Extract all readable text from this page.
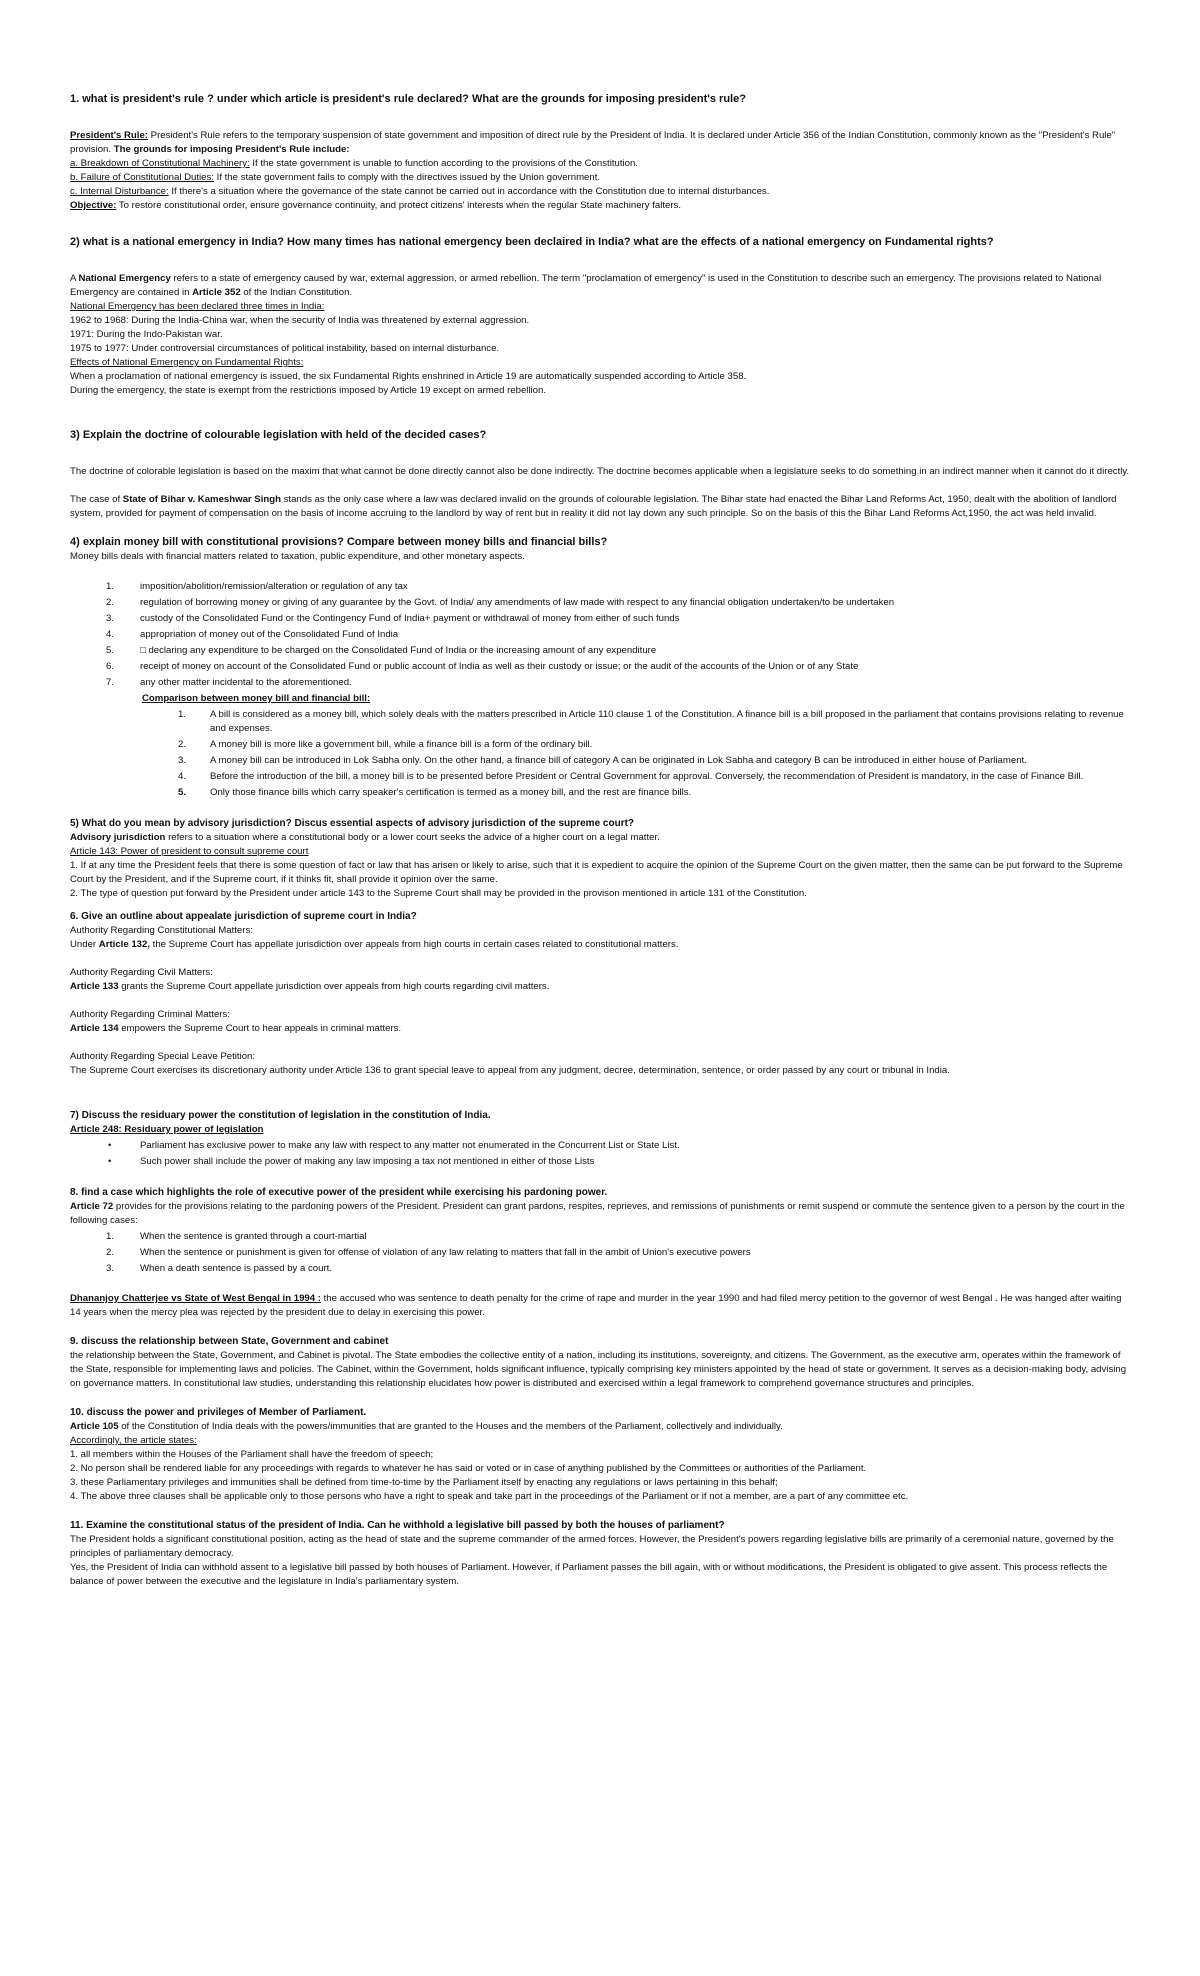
1. what is president's rule ? under which article is president's rule declared? What are the grounds for imposing president's rule?

President's Rule: President's Rule refers to the temporary suspension of state government and imposition of direct rule by the President of India. It is declared under Article 356 of the Indian Constitution, commonly known as the "President's Rule" provision. The grounds for imposing President's Rule include:

a. Breakdown of Constitutional Machinery: If the state government is unable to function according to the provisions of the Constitution.

b. Failure of Constitutional Duties: If the state government fails to comply with the directives issued by the Union government.

c. Internal Disturbance: If there's a situation where the governance of the state cannot be carried out in accordance with the Constitution due to internal disturbances.

Objective: To restore constitutional order, ensure governance continuity, and protect citizens' interests when the regular State machinery falters.

2) what is a national emergency in India? How many times has national emergency been declaired in India? what are the effects of a national emergency on Fundamental rights?

A National Emergency refers to a state of emergency caused by war, external aggression, or armed rebellion. The term "proclamation of emergency" is used in the Constitution to describe such an emergency. The provisions related to National Emergency are contained in Article 352 of the Indian Constitution.

National Emergency has been declared three times in India:

1962 to 1968: During the India-China war, when the security of India was threatened by external aggression.

1971: During the Indo-Pakistan war.

1975 to 1977: Under controversial circumstances of political instability, based on internal disturbance.

Effects of National Emergency on Fundamental Rights:

When a proclamation of national emergency is issued, the six Fundamental Rights enshrined in Article 19 are automatically suspended according to Article 358.

During the emergency, the state is exempt from the restrictions imposed by Article 19 except on armed rebellion.

3) Explain the doctrine of colourable legislation with held of the decided cases?

The doctrine of colorable legislation is based on the maxim that what cannot be done directly cannot also be done indirectly. The doctrine becomes applicable when a legislature seeks to do something in an indirect manner when it cannot do it directly.

The case of State of Bihar v. Kameshwar Singh stands as the only case where a law was declared invalid on the grounds of colourable legislation. The Bihar state had enacted the Bihar Land Reforms Act, 1950, dealt with the abolition of landlord system, provided for payment of compensation on the basis of income accruing to the landlord by way of rent but in reality it did not lay down any such principle. So on the basis of this the Bihar Land Reforms Act,1950, the act was held invalid.

4) explain money bill with constitutional provisions? Compare between money bills and financial bills?

Money bills deals with financial matters related to taxation, public expenditure, and other monetary aspects.

1.	imposition/abolition/remission/alteration or regulation of any tax
2.	regulation of borrowing money or giving of any guarantee by the Govt. of India/ any amendments of law made with respect to any financial obligation undertaken/to be undertaken
3.	custody of the Consolidated Fund or the Contingency Fund of India+ payment or withdrawal of money from either of such funds
4.	appropriation of money out of the Consolidated Fund of India
5.	□ declaring any expenditure to be charged on the Consolidated Fund of India or the increasing amount of any expenditure
6.	receipt of money on account of the Consolidated Fund or public account of India as well as their custody or issue; or the audit of the accounts of the Union or of any State
7.	any other matter incidental to the aforementioned.

Comparison between money bill and financial bill:

1. A bill is considered as a money bill, which solely deals with the matters prescribed in Article 110 clause 1 of the Constitution. A finance bill is a bill proposed in the parliament that contains provisions relating to revenue and expenses.
2. A money bill is more like a government bill, while a finance bill is a form of the ordinary bill.
3. A money bill can be introduced in Lok Sabha only. On the other hand, a finance bill of category A can be originated in Lok Sabha and category B can be introduced in either house of Parliament.
4. Before the introduction of the bill, a money bill is to be presented before President or Central Government for approval. Conversely, the recommendation of President is mandatory, in the case of Finance Bill.
5. Only those finance bills which carry speaker's certification is termed as a money bill, and the rest are finance bills.

5) What do you mean by advisory jurisdiction? Discus essential aspects of advisory jurisdiction of the supreme court?

Advisory jurisdiction refers to a situation where a constitutional body or a lower court seeks the advice of a higher court on a legal matter.

Article 143: Power of president to consult supreme court

1. If at any time the President feels that there is some question of fact or law that has arisen or likely to arise, such that it is expedient to acquire the opinion of the Supreme Court on the given matter, then the same can be put forward to the Supreme Court by the President, and if the Supreme court, if it thinks fit, shall provide it opinion over the same.

2. The type of question put forward by the President under article 143 to the Supreme Court shall may be provided in the provison mentioned in article 131 of the Constitution.

6. Give an outline about appealate jurisdiction of supreme court in India?

Authority Regarding Constitutional Matters:

Under Article 132, the Supreme Court has appellate jurisdiction over appeals from high courts in certain cases related to constitutional matters.

Authority Regarding Civil Matters:

Article 133 grants the Supreme Court appellate jurisdiction over appeals from high courts regarding civil matters.

Authority Regarding Criminal Matters:

Article 134 empowers the Supreme Court to hear appeals in criminal matters.

Authority Regarding Special Leave Petition:

The Supreme Court exercises its discretionary authority under Article 136 to grant special leave to appeal from any judgment, decree, determination, sentence, or order passed by any court or tribunal in India.

7) Discuss the residuary power the constitution of legislation in the constitution of India.

Article 248: Residuary power of legislation

• Parliament has exclusive power to make any law with respect to any matter not enumerated in the Concurrent List or State List.
• Such power shall include the power of making any law imposing a tax not mentioned in either of those Lists

8. find a case which highlights the role of executive power of the president while exercising his pardoning power.

Article 72 provides for the provisions relating to the pardoning powers of the President. President can grant pardons, respites, reprieves, and remissions of punishments or remit suspend or commute the sentence given to a person by the court in the following cases:

1.	When the sentence is granted through a court-martial
2.	When the sentence or punishment is given for offense of violation of any law relating to matters that fall in the ambit of Union's executive powers
3.	When a death sentence is passed by a court.

Dhananjoy Chatterjee vs State of West Bengal in 1994 : the accused who was sentence to death penalty for the crime of rape and murder in the year 1990 and had filed mercy petition to the governor of west Bengal . He was hanged after waiting 14 years when the mercy plea was rejected by the president due to delay in exercising this power.

9. discuss the relationship between State, Government and cabinet

the relationship between the State, Government, and Cabinet is pivotal. The State embodies the collective entity of a nation, including its institutions, sovereignty, and citizens. The Government, as the executive arm, operates within the framework of the State, responsible for implementing laws and policies. The Cabinet, within the Government, holds significant influence, typically comprising key ministers appointed by the head of state or government. It serves as a decision-making body, advising on governance matters. In constitutional law studies, understanding this relationship elucidates how power is distributed and exercised within a legal framework to comprehend governance structures and principles.

10. discuss the power and privileges of Member of Parliament.

Article 105 of the Constitution of India deals with the powers/immunities that are granted to the Houses and the members of the Parliament, collectively and individually.

Accordingly, the article states:

1. all members within the Houses of the Parliament shall have the freedom of speech;

2. No person shall be rendered liable for any proceedings with regards to whatever he has said or voted or in case of anything published by the Committees or authorities of the Parliament.

3. these Parliamentary privileges and immunities shall be defined from time-to-time by the Parliament itself by enacting any regulations or laws pertaining in this behalf;

4. The above three clauses shall be applicable only to those persons who have a right to speak and take part in the proceedings of the Parliament or if not a member, are a part of any committee etc.

11. Examine the constitutional status of the president of India. Can he withhold a legislative bill passed by both the houses of parliament?

The President holds a significant constitutional position, acting as the head of state and the supreme commander of the armed forces. However, the President's powers regarding legislative bills are primarily of a ceremonial nature, governed by the principles of parliamentary democracy.

Yes, the President of India can withhold assent to a legislative bill passed by both houses of Parliament. However, if Parliament passes the bill again, with or without modifications, the President is obligated to give assent. This process reflects the balance of power between the executive and the legislature in India's parliamentary system.
